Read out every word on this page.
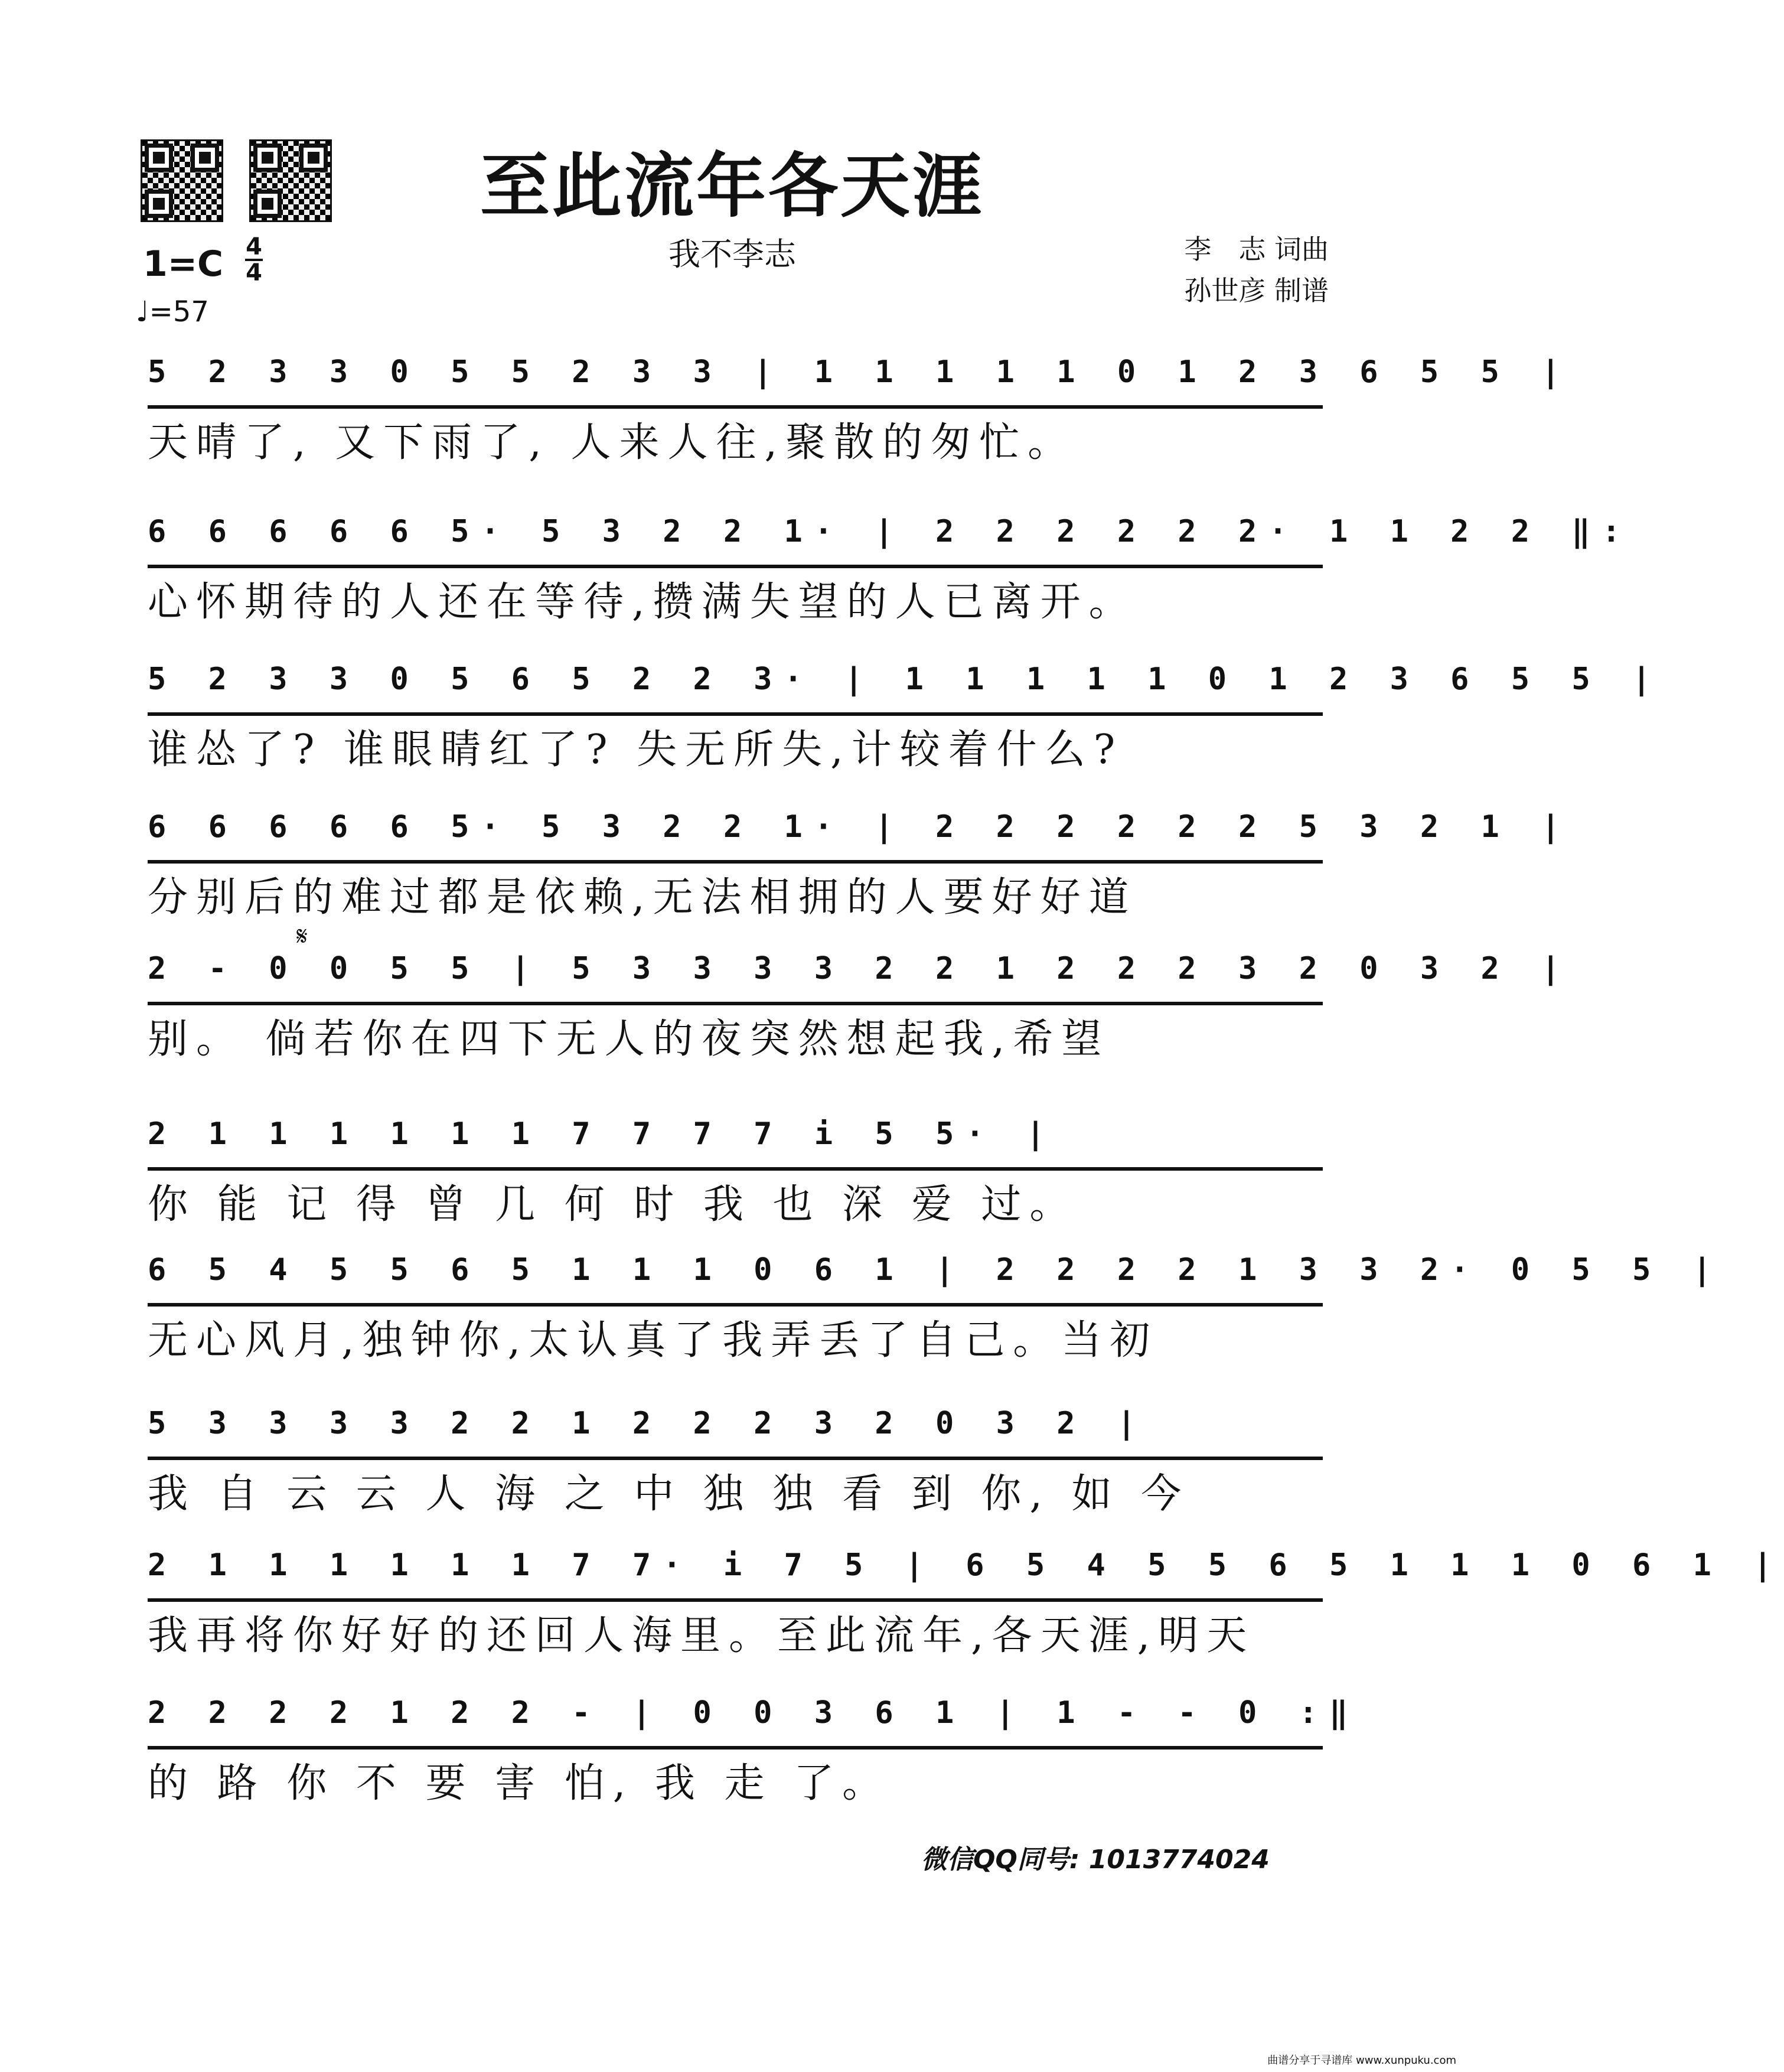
至此流年各天涯
我不李志	李　志 词曲
孙世彦 制谱
1=C 4
4
♩=57
𝄋
5 2 3 3 0 5 5 2 3 3 | 1 1 1 1 1 0 1 2 3 6 5 5 |
天晴了, 又下雨了, 人来人往,聚散的匆忙。
6 6 6 6 6 5· 5 3 2 2 1· | 2 2 2 2 2 2· 1 1 2 2 ‖:
心怀期待的人还在等待,攒满失望的人已离开。
5 2 3 3 0 5 6 5 2 2 3· | 1 1 1 1 1 0 1 2 3 6 5 5 |
谁怂了? 谁眼睛红了? 失无所失,计较着什么?
6 6 6 6 6 5· 5 3 2 2 1· | 2 2 2 2 2 2 5 3 2 1 |
分别后的难过都是依赖,无法相拥的人要好好道
2 - 0 0 5 5 | 5 3 3 3 3 2 2 1 2 2 2 3 2 0 3 2 |
别。 倘若你在四下无人的夜突然想起我,希望
2 1 1 1 1 1 1 7 7 7 7 i 5 5· |
你 能 记 得 曾 几 何 时 我 也 深 爱 过。
6 5 4 5 5 6 5 1 1 1 0 6 1 | 2 2 2 2 1 3 3 2· 0 5 5 |
无心风月,独钟你,太认真了我弄丢了自己。当初
5 3 3 3 3 2 2 1 2 2 2 3 2 0 3 2 |
我 自 云 云 人 海 之 中 独 独 看 到 你, 如 今
2 1 1 1 1 1 1 7 7· i 7 5 | 6 5 4 5 5 6 5 1 1 1 0 6 1 |
我再将你好好的还回人海里。至此流年,各天涯,明天
2 2 2 2 1 2 2 - | 0 0 3 6 1 | 1 - - 0 :‖
的 路 你 不 要 害 怕, 我 走 了。
微信QQ同号: 1013774024
曲谱分享于寻谱库 www.xunpuku.com
